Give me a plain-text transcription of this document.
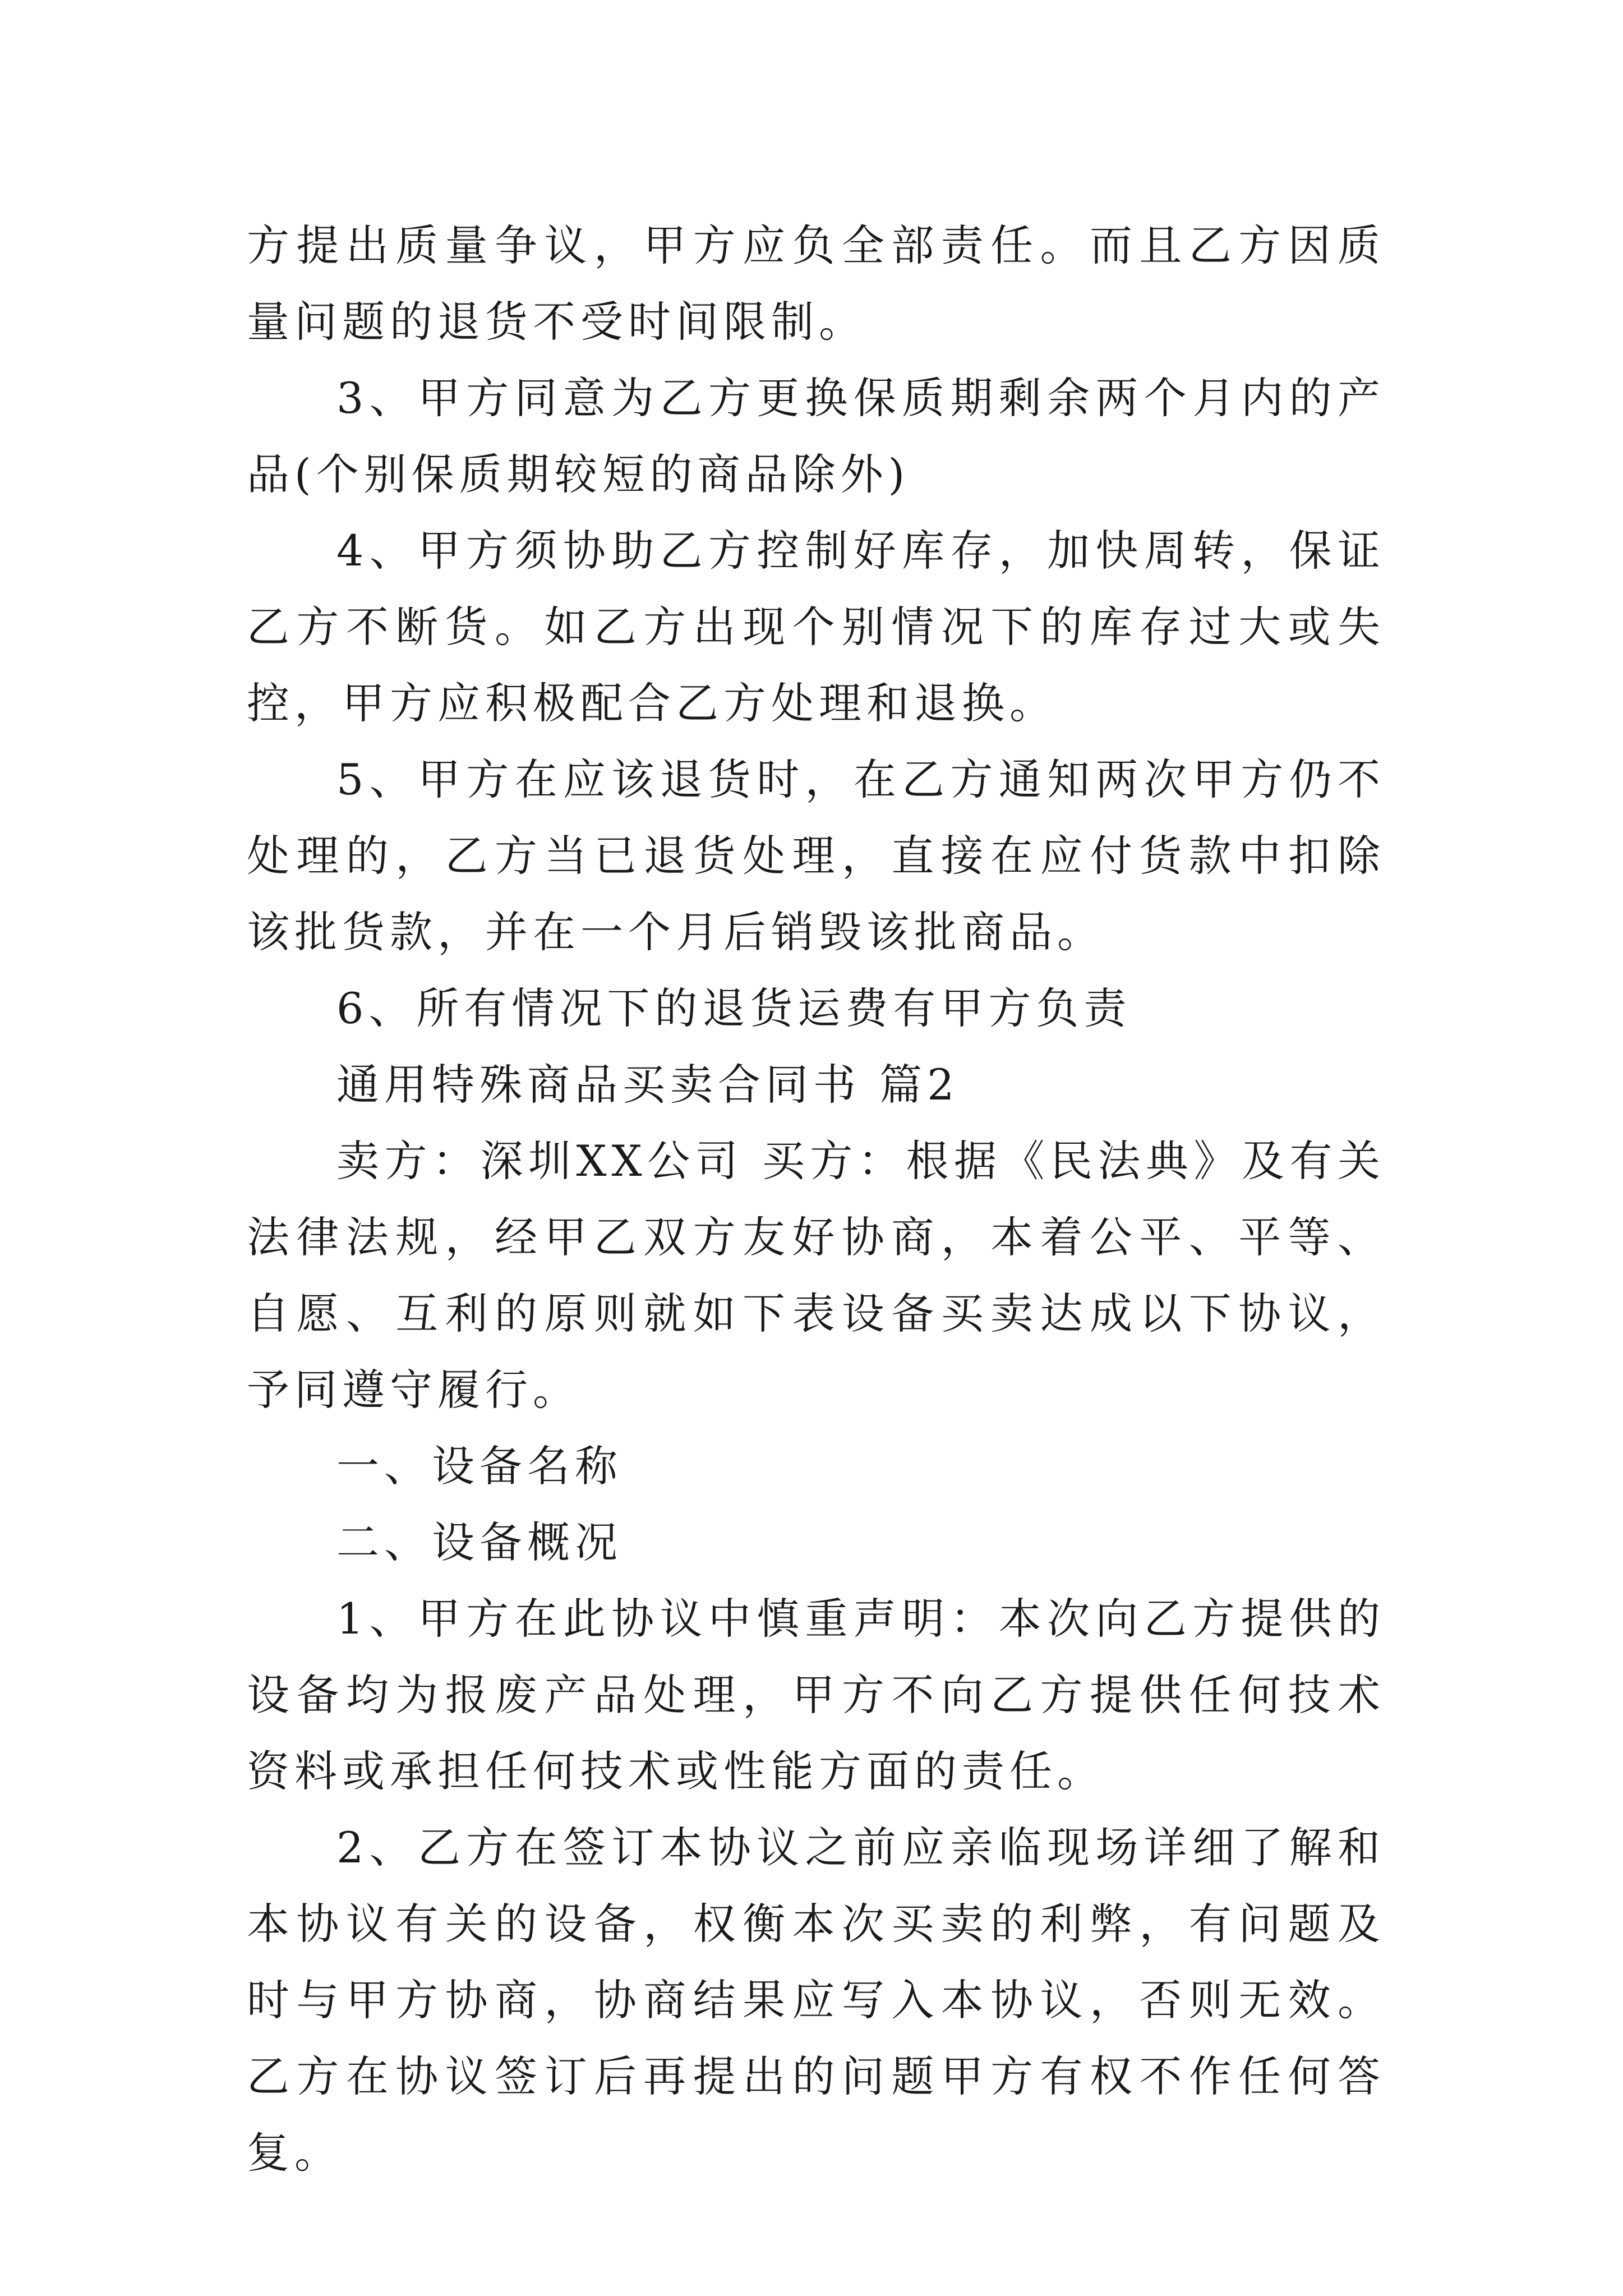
方提出质量争议，甲方应负全部责任。而且乙方因质量问题的退货不受时间限制。

3、甲方同意为乙方更换保质期剩余两个月内的产品(个别保质期较短的商品除外)

4、甲方须协助乙方控制好库存，加快周转，保证乙方不断货。如乙方出现个别情况下的库存过大或失控，甲方应积极配合乙方处理和退换。

5、甲方在应该退货时，在乙方通知两次甲方仍不处理的，乙方当已退货处理，直接在应付货款中扣除该批货款，并在一个月后销毁该批商品。

6、所有情况下的退货运费有甲方负责

通用特殊商品买卖合同书 篇2

卖方：深圳XX公司 买方：根据《民法典》及有关法律法规，经甲乙双方友好协商，本着公平、平等、自愿、互利的原则就如下表设备买卖达成以下协议，予同遵守履行。

一、设备名称

二、设备概况

1、甲方在此协议中慎重声明：本次向乙方提供的设备均为报废产品处理，甲方不向乙方提供任何技术资料或承担任何技术或性能方面的责任。

2、乙方在签订本协议之前应亲临现场详细了解和本协议有关的设备，权衡本次买卖的利弊，有问题及时与甲方协商，协商结果应写入本协议，否则无效。 乙方在协议签订后再提出的问题甲方有权不作任何答复。
